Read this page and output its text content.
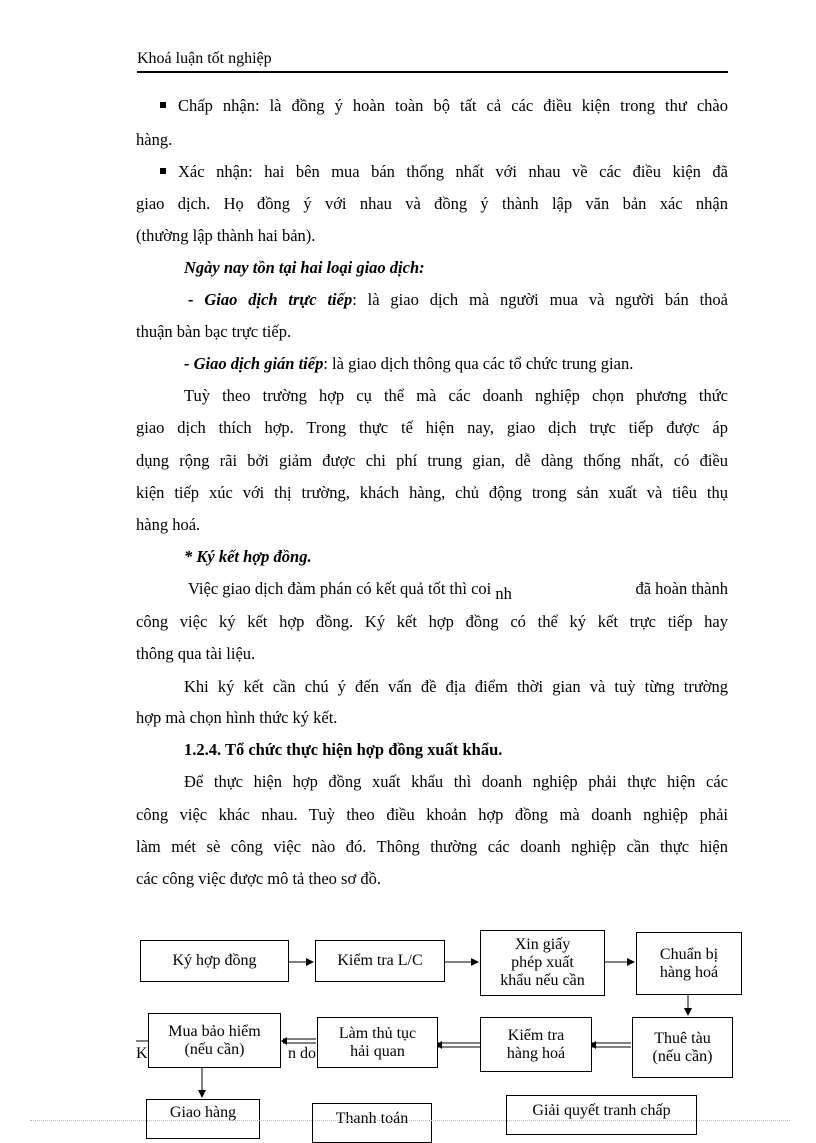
Khoá luận tốt nghiệp
Chấp nhận: là đồng ý hoàn toàn bộ tất cả các điều kiện trong thư chào
hàng.
Xác nhận: hai bên mua bán thống nhất với nhau về các điều kiện đã
giao dịch. Họ đồng ý với nhau và đồng ý thành lập văn bản xác nhận
(thường lập thành hai bản).
Ngày nay tồn tại hai loại giao dịch:
- Giao dịch trực tiếp: là giao dịch mà người mua và người bán thoả
thuận bàn bạc trực tiếp.
- Giao dịch gián tiếp: là giao dịch thông qua các tổ chức trung gian.
Tuỳ theo trường hợp cụ thể mà các doanh nghiệp chọn phương thức
giao dịch thích hợp. Trong thực tế hiện nay, giao dịch trực tiếp được áp
dụng rộng rãi bởi giảm được chi phí trung gian, dễ dàng thống nhất, có điều
kiện tiếp xúc với thị trường, khách hàng, chủ động trong sản xuất và tiêu thụ
hàng hoá.
* Ký kết hợp đồng.
Việc giao dịch đàm phán có kết quả tốt thì coi nh	đã hoàn thành
công việc ký kết hợp đồng. Ký kết hợp đồng có thể ký kết trực tiếp hay
thông qua tài liệu.
Khi ký kết cần chú ý đến vấn đề địa điểm thời gian và tuỳ từng trường
hợp mà chọn hình thức ký kết.
1.2.4. Tổ chức thực hiện hợp đồng xuất khẩu.
Để thực hiện hợp đồng xuất khẩu thì doanh nghiệp phải thực hiện các
công việc khác nhau. Tuỳ theo điều khoản hợp đồng mà doanh nghiệp phải
làm mét sè công việc nào đó. Thông thường các doanh nghiệp cần thực hiện
các công việc được mô tả theo sơ đồ.
K	n do
Ký hợp đồng	Kiểm tra L/C
Xin giấy
phép xuất
khẩu nếu cần
Chuẩn bị
hàng hoá
Thuê tàu
(nếu cần)
Kiểm tra
hàng hoá
Làm thủ tục
hải quan
Mua bảo hiểm
(nếu cần)
Giao hàng	Thanh toán	Giải quyết tranh chấp
